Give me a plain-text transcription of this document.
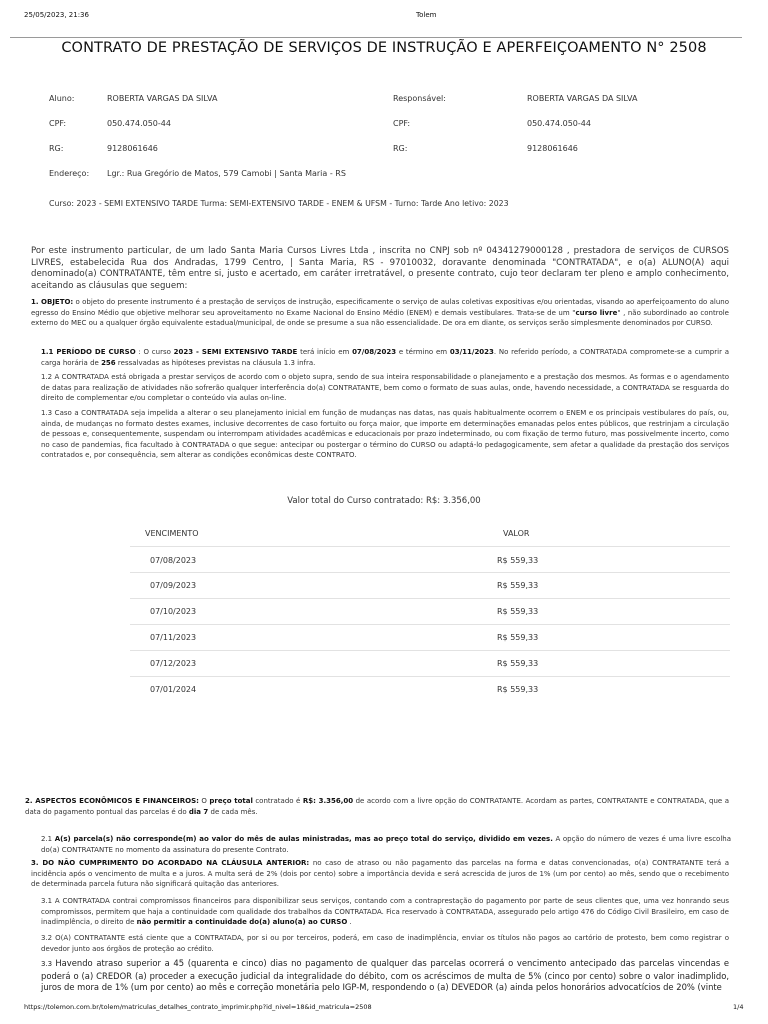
25/05/2023, 21:36	Tolem
CONTRATO DE PRESTAÇÃO DE SERVIÇOS DE INSTRUÇÃO E APERFEIÇOAMENTO N° 2508
Aluno:	ROBERTA VARGAS DA SILVA	Responsável:	ROBERTA VARGAS DA SILVA
CPF:	050.474.050-44	CPF:	050.474.050-44
RG:	9128061646	RG:	9128061646
Endereço: Lgr.: Rua Gregório de Matos, 579 Camobi | Santa Maria - RS
Curso: 2023 - SEMI EXTENSIVO TARDE Turma: SEMI-EXTENSIVO TARDE - ENEM & UFSM - Turno: Tarde Ano letivo: 2023
Por este instrumento particular, de um lado Santa Maria Cursos Livres Ltda , inscrita no CNPJ sob nº 04341279000128 , prestadora de serviços de CURSOS LIVRES, estabelecida Rua dos Andradas, 1799 Centro, | Santa Maria, RS - 97010032, doravante denominada "CONTRATADA", e o(a) ALUNO(A) aqui denominado(a) CONTRATANTE, têm entre si, justo e acertado, em caráter irretratável, o presente contrato, cujo teor declaram ter pleno e amplo conhecimento, aceitando as cláusulas que seguem:
1. OBJETO: o objeto do presente instrumento é a prestação de serviços de instrução, especificamente o serviço de aulas coletivas expositivas e/ou orientadas, visando ao aperfeiçoamento do aluno egresso do Ensino Médio que objetive melhorar seu aproveitamento no Exame Nacional do Ensino Médio (ENEM) e demais vestibulares. Trata-se de um "curso livre" , não subordinado ao controle externo do MEC ou a qualquer órgão equivalente estadual/municipal, de onde se presume a sua não essencialidade. De ora em diante, os serviços serão simplesmente denominados por CURSO.
1.1 PERÍODO DE CURSO : O curso 2023 - SEMI EXTENSIVO TARDE terá início em 07/08/2023 e término em 03/11/2023. No referido período, a CONTRATADA compromete-se a cumprir a carga horária de 256 ressalvadas as hipóteses previstas na cláusula 1.3 infra.
1.2 A CONTRATADA está obrigada a prestar serviços de acordo com o objeto supra, sendo de sua inteira responsabilidade o planejamento e a prestação dos mesmos. As formas e o agendamento de datas para realização de atividades não sofrerão qualquer interferência do(a) CONTRATANTE, bem como o formato de suas aulas, onde, havendo necessidade, a CONTRATADA se resguarda do direito de complementar e/ou completar o conteúdo via aulas on-line.
1.3 Caso a CONTRATADA seja impelida a alterar o seu planejamento inicial em função de mudanças nas datas, nas quais habitualmente ocorrem o ENEM e os principais vestibulares do país, ou, ainda, de mudanças no formato destes exames, inclusive decorrentes de caso fortuito ou força maior, que importe em determinações emanadas pelos entes públicos, que restrinjam a circulação de pessoas e, consequentemente, suspendam ou interrompam atividades acadêmicas e educacionais por prazo indeterminado, ou com fixação de termo futuro, mas possivelmente incerto, como no caso de pandemias, fica facultado à CONTRATADA o que segue: antecipar ou postergar o término do CURSO ou adaptá-lo pedagogicamente, sem afetar a qualidade da prestação dos serviços contratados e, por consequência, sem alterar as condições econômicas deste CONTRATO.
Valor total do Curso contratado: R$: 3.356,00
VENCIMENTO	VALOR
07/08/2023	R$ 559,33
07/09/2023	R$ 559,33
07/10/2023	R$ 559,33
07/11/2023	R$ 559,33
07/12/2023	R$ 559,33
07/01/2024	R$ 559,33
2. ASPECTOS ECONÔMICOS E FINANCEIROS: O preço total contratado é R$: 3.356,00 de acordo com a livre opção do CONTRATANTE. Acordam as partes, CONTRATANTE e CONTRATADA, que a data do pagamento pontual das parcelas é do dia 7 de cada mês.
2.1 A(s) parcela(s) não corresponde(m) ao valor do mês de aulas ministradas, mas ao preço total do serviço, dividido em vezes. A opção do número de vezes é uma livre escolha do(a) CONTRATANTE no momento da assinatura do presente Contrato.
3. DO NÃO CUMPRIMENTO DO ACORDADO NA CLÁUSULA ANTERIOR: no caso de atraso ou não pagamento das parcelas na forma e datas convencionadas, o(a) CONTRATANTE terá a incidência após o vencimento de multa e a juros. A multa será de 2% (dois por cento) sobre a importância devida e será acrescida de juros de 1% (um por cento) ao mês, sendo que o recebimento de determinada parcela futura não significará quitação das anteriores.
3.1 A CONTRATADA contrai compromissos financeiros para disponibilizar seus serviços, contando com a contraprestação do pagamento por parte de seus clientes que, uma vez honrando seus compromissos, permitem que haja a continuidade com qualidade dos trabalhos da CONTRATADA. Fica reservado à CONTRATADA, assegurado pelo artigo 476 do Código Civil Brasileiro, em caso de inadimplência, o direito de não permitir a continuidade do(a) aluno(a) ao CURSO .
3.2 O(A) CONTRATANTE está ciente que a CONTRATADA, por si ou por terceiros, poderá, em caso de inadimplência, enviar os títulos não pagos ao cartório de protesto, bem como registrar o devedor junto aos órgãos de proteção ao crédito.
3.3 Havendo atraso superior a 45 (quarenta e cinco) dias no pagamento de qualquer das parcelas ocorrerá o vencimento antecipado das parcelas vincendas e poderá o (a) CREDOR (a) proceder a execução judicial da integralidade do débito, com os acréscimos de multa de 5% (cinco por cento) sobre o valor inadimplido, juros de mora de 1% (um por cento) ao mês e correção monetária pelo IGP-M, respondendo o (a) DEVEDOR (a) ainda pelos honorários advocatícios de 20% (vinte
https://tolemon.com.br/tolem/matriculas_detalhes_contrato_imprimir.php?id_nivel=18&id_matricula=2508	1/4
